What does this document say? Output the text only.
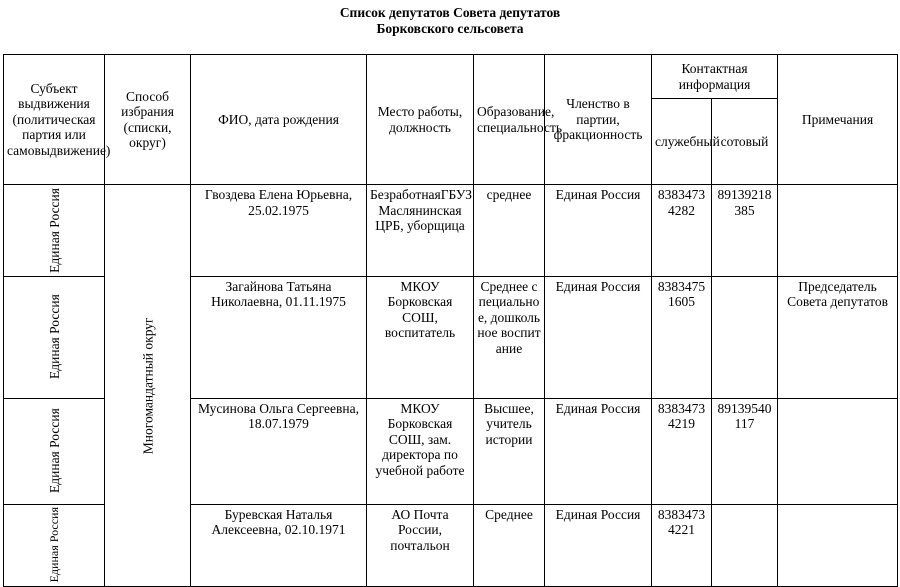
Список депутатов Совета депутатов
Борковского сельсовета
Субъект выдвижения (политическая партия или самовыдвижение)	Способ избрания (списки, округ)	ФИО, дата рождения	Место работы, должность	Образование, специальность	Членство в партии, фракционность	Контактная информация		Примечания
						служебный	сотовый	
Единая Россия	Многомандатный округ	Гвоздева Елена Юрьевна, 25.02.1975	БезработнаяГБУЗ Маслянинская ЦРБ, уборщица	среднее	Единая Россия	83834734282	89139218385	
Единая Россия		Загайнова Татьяна Николаевна, 01.11.1975	МКОУ Борковская СОШ, воспитатель	Среднее специальное, дошкольное воспитание	Единая Россия	83834751605		Председатель Совета депутатов
Единая Россия		Мусинова Ольга Сергеевна, 18.07.1979	МКОУ Борковская СОШ, зам. директора по учебной работе	Высшее, учитель истории	Единая Россия	83834734219	89139540117	
Единая Россия		Буревская Наталья Алексеевна, 02.10.1971	АО Почта России, почтальон	Среднее	Единая Россия	83834734221		
